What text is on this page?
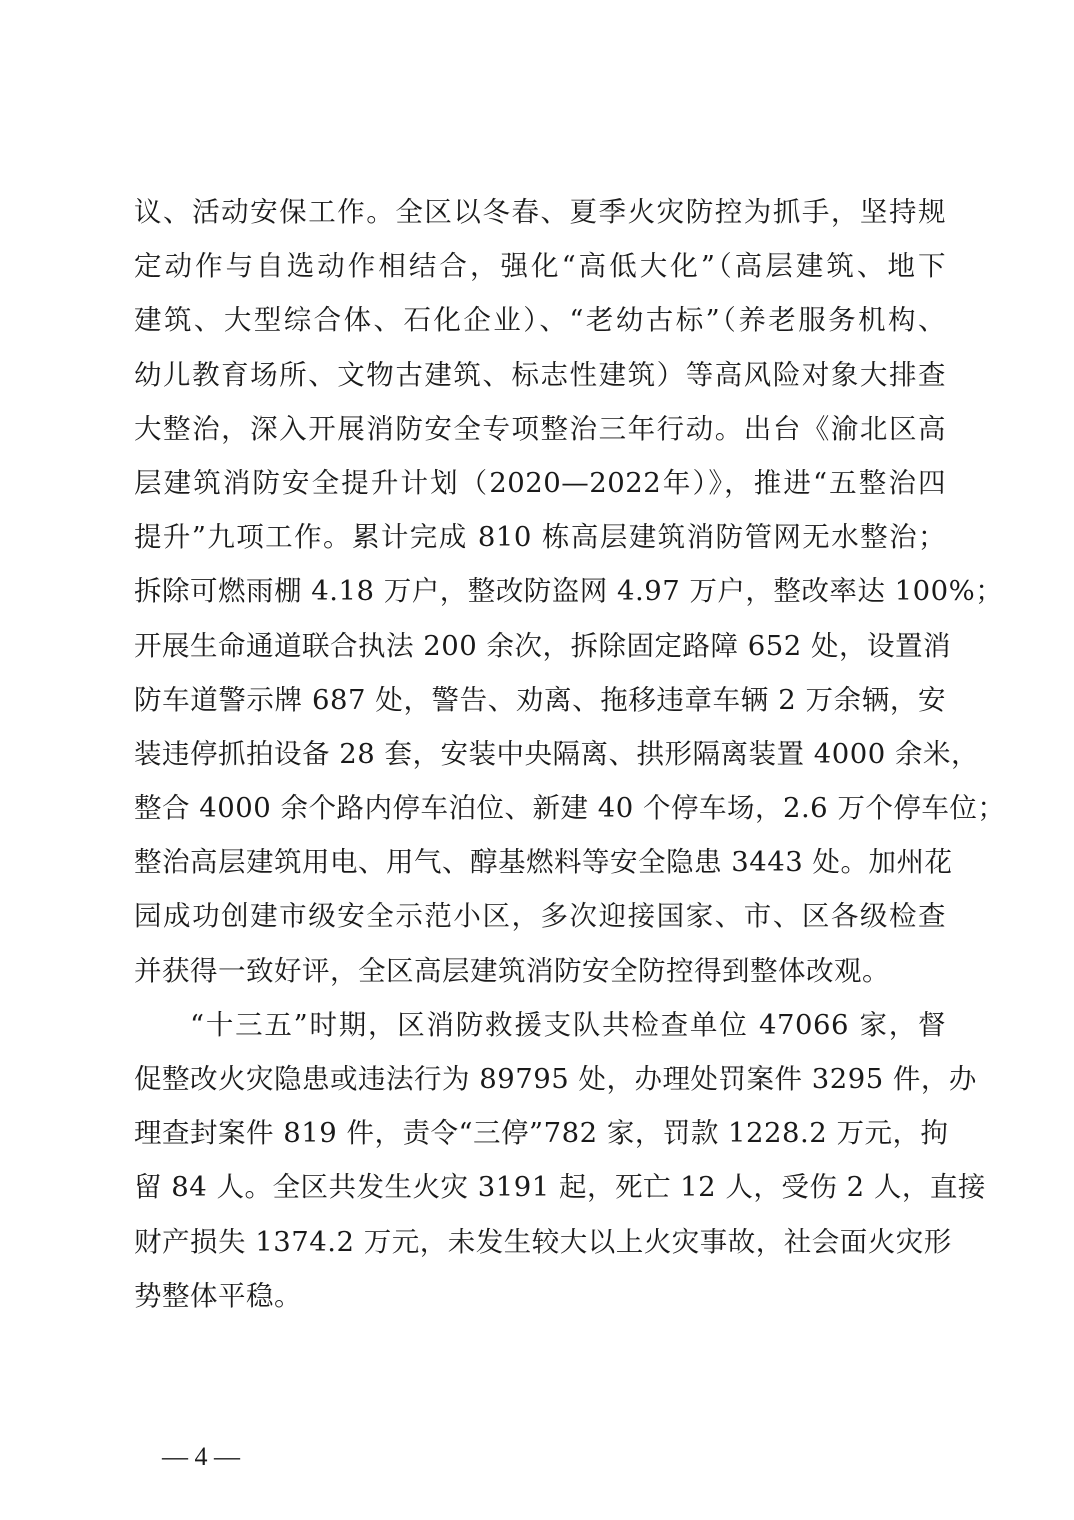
议、活动安保工作。全区以冬春、夏季火灾防控为抓手，坚持规
定动作与自选动作相结合，强化“高低大化”（高层建筑、地下
建筑、大型综合体、石化企业）、“老幼古标”（养老服务机构、
幼儿教育场所、文物古建筑、标志性建筑）等高风险对象大排查
大整治，深入开展消防安全专项整治三年行动。出台《渝北区高
层建筑消防安全提升计划（2020—2022年）》，推进“五整治四
提升”九项工作。累计完成 810 栋高层建筑消防管网无水整治；
拆除可燃雨棚 4.18 万户，整改防盗网 4.97 万户，整改率达 100%；
开展生命通道联合执法 200 余次，拆除固定路障 652 处，设置消
防车道警示牌 687 处，警告、劝离、拖移违章车辆 2 万余辆，安
装违停抓拍设备 28 套，安装中央隔离、拱形隔离装置 4000 余米，
整合 4000 余个路内停车泊位、新建 40 个停车场，2.6 万个停车位；
整治高层建筑用电、用气、醇基燃料等安全隐患 3443 处。加州花
园成功创建市级安全示范小区，多次迎接国家、市、区各级检查
并获得一致好评，全区高层建筑消防安全防控得到整体改观。
“十三五”时期，区消防救援支队共检查单位 47066 家，督
促整改火灾隐患或违法行为 89795 处，办理处罚案件 3295 件，办
理查封案件 819 件，责令“三停”782 家，罚款 1228.2 万元，拘
留 84 人。全区共发生火灾 3191 起，死亡 12 人，受伤 2 人，直接
财产损失 1374.2 万元，未发生较大以上火灾事故，社会面火灾形
势整体平稳。
— 4 —
